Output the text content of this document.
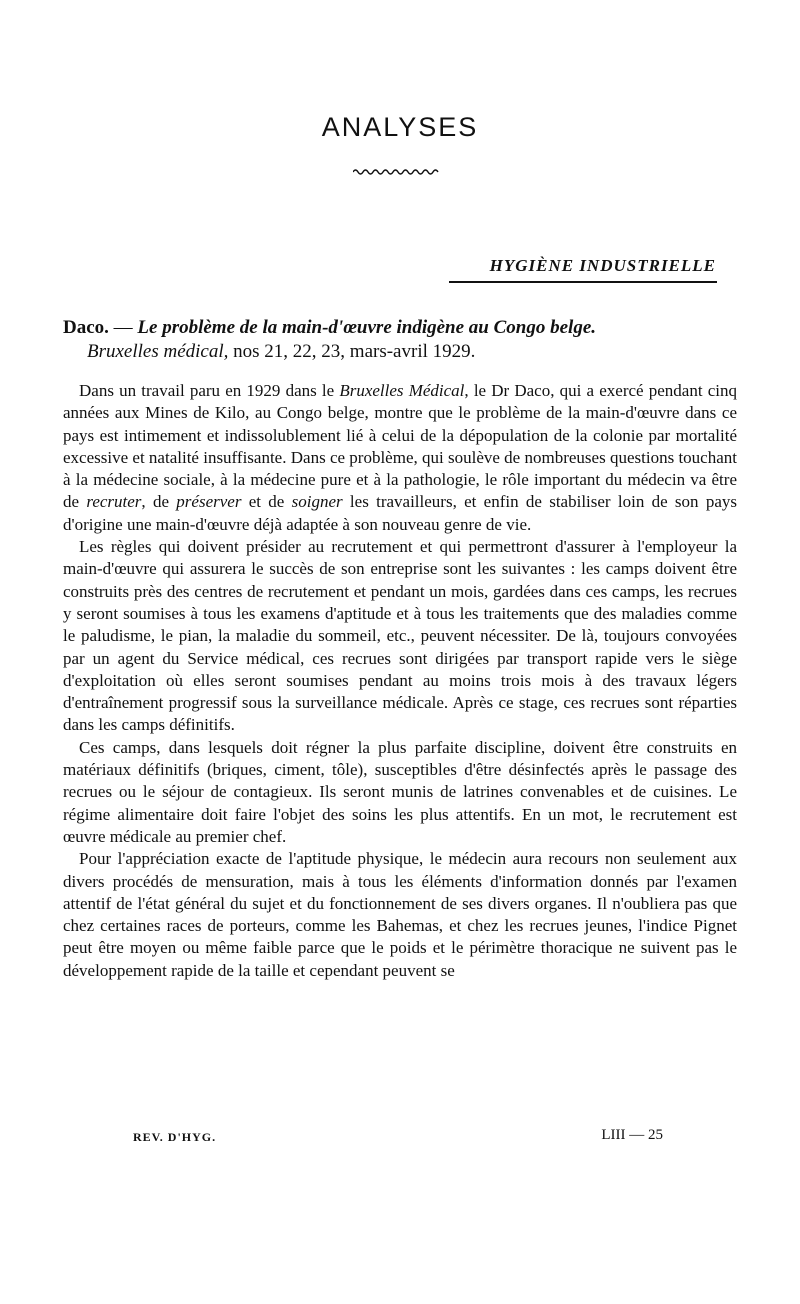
ANALYSES
HYGIÈNE INDUSTRIELLE
Daco. — Le problème de la main-d'œuvre indigène au Congo belge.
Bruxelles médical, nos 21, 22, 23, mars-avril 1929.

Dans un travail paru en 1929 dans le Bruxelles Médical, le Dr Daco, qui a exercé pendant cinq années aux Mines de Kilo, au Congo belge, montre que le problème de la main-d'œuvre dans ce pays est intimement et indissolublement lié à celui de la dépopulation de la colonie par mortalité excessive et natalité insuffisante. Dans ce problème, qui soulève de nombreuses questions touchant à la médecine sociale, à la médecine pure et à la pathologie, le rôle important du médecin va être de recruter, de préserver et de soigner les travailleurs, et enfin de stabiliser loin de son pays d'origine une main-d'œuvre déjà adaptée à son nouveau genre de vie.

Les règles qui doivent présider au recrutement et qui permettront d'assurer à l'employeur la main-d'œuvre qui assurera le succès de son entreprise sont les suivantes : les camps doivent être construits près des centres de recrutement et pendant un mois, gardées dans ces camps, les recrues y seront soumises à tous les examens d'aptitude et à tous les traitements que des maladies comme le paludisme, le pian, la maladie du sommeil, etc., peuvent nécessiter. De là, toujours convoyées par un agent du Service médical, ces recrues sont dirigées par transport rapide vers le siège d'exploitation où elles seront soumises pendant au moins trois mois à des travaux légers d'entraînement progressif sous la surveillance médicale. Après ce stage, ces recrues sont réparties dans les camps définitifs.

Ces camps, dans lesquels doit régner la plus parfaite discipline, doivent être construits en matériaux définitifs (briques, ciment, tôle), susceptibles d'être désinfectés après le passage des recrues ou le séjour de contagieux. Ils seront munis de latrines convenables et de cuisines. Le régime alimentaire doit faire l'objet des soins les plus attentifs. En un mot, le recrutement est œuvre médicale au premier chef.

Pour l'appréciation exacte de l'aptitude physique, le médecin aura recours non seulement aux divers procédés de mensuration, mais à tous les éléments d'information donnés par l'examen attentif de l'état général du sujet et du fonctionnement de ses divers organes. Il n'oubliera pas que chez certaines races de porteurs, comme les Bahemas, et chez les recrues jeunes, l'indice Pignet peut être moyen ou même faible parce que le poids et le périmètre thoracique ne suivent pas le développement rapide de la taille et cependant peuvent se

REV. D'HYG.	LIII — 25
